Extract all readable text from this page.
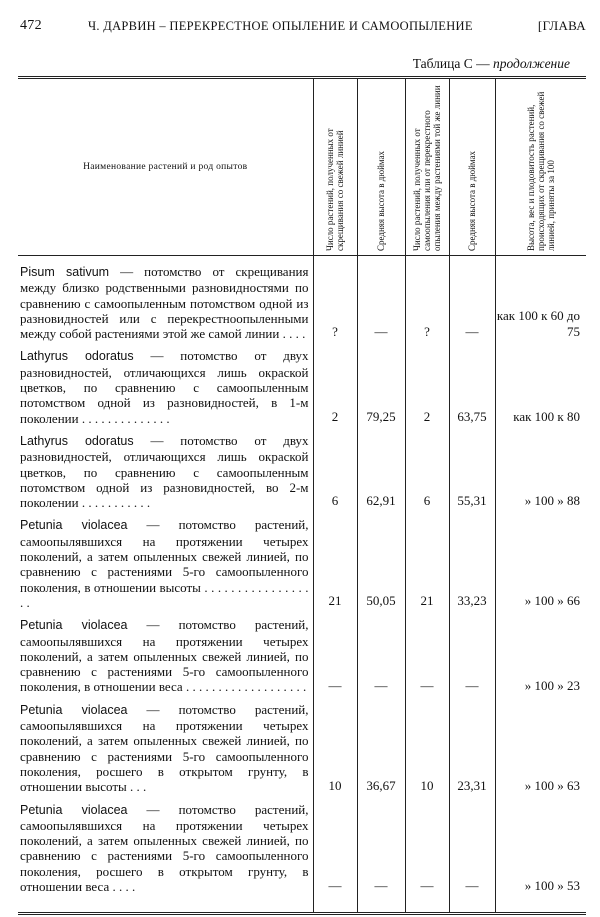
472	Ч. ДАРВИН – ПЕРЕКРЕСТНОЕ ОПЫЛЕНИЕ И САМООПЫЛЕНИЕ	[ГЛАВА
Таблица С — продолжение
Наименование растений и род опытов	Число растений, полученных от скрещивания со свежей линией	Средняя высота в дюймах	Число растений, полученных от самоопыления или от перекрестного опыления между растениями той же линии	Средняя высота в дюймах	Высота, вес и плодовитость растений, происходящих от скрещивания со свежей линией, приняты за 100

Pisum sativum — потомство от скрещивания между близко родственными разновидностями по сравнению с самоопыленным потомством одной из разновидностей или с перекрестноопыленными между собой растениями этой же самой линии . . . .	?	—	?	—	как 100 к 60 до 75
Lathyrus odoratus — потомство от двух разновидностей, отличающихся лишь окраской цветков, по сравнению с самоопыленным потомством одной из разновидностей, в 1-м поколении . . . . . . . . . . . . . .	2	79,25	2	63,75	как 100 к 80
Lathyrus odoratus — потомство от двух разновидностей, отличающихся лишь окраской цветков, по сравнению с самоопыленным потомством одной из разновидностей, во 2-м поколении . . . . . . . . . . .	6	62,91	6	55,31	» 100 » 88
Petunia violacea — потомство растений, самоопылявшихся на протяжении четырех поколений, а затем опыленных свежей линией, по сравнению с растениями 5-го самоопыленного поколения, в отношении высоты . . . . . . . . . . . . . . . . . .	21	50,05	21	33,23	» 100 » 66
Petunia violacea — потомство растений, самоопылявшихся на протяжении четырех поколений, а затем опыленных свежей линией, по сравнению с растениями 5-го самоопыленного поколения, в отношении веса . . . . . . . . . . . . . . . . . . .	—	—	—	—	» 100 » 23
Petunia violacea — потомство растений, самоопылявшихся на протяжении четырех поколений, а затем опыленных свежей линией, по сравнению с растениями 5-го самоопыленного поколения, росшего в открытом грунту, в отношении высоты . . .	10	36,67	10	23,31	» 100 » 63
Petunia violacea — потомство растений, самоопылявшихся на протяжении четырех поколений, а затем опыленных свежей линией, по сравнению с растениями 5-го самоопыленного поколения, росшего в открытом грунту, в отношении веса . . . .	—	—	—	—	» 100 » 53
